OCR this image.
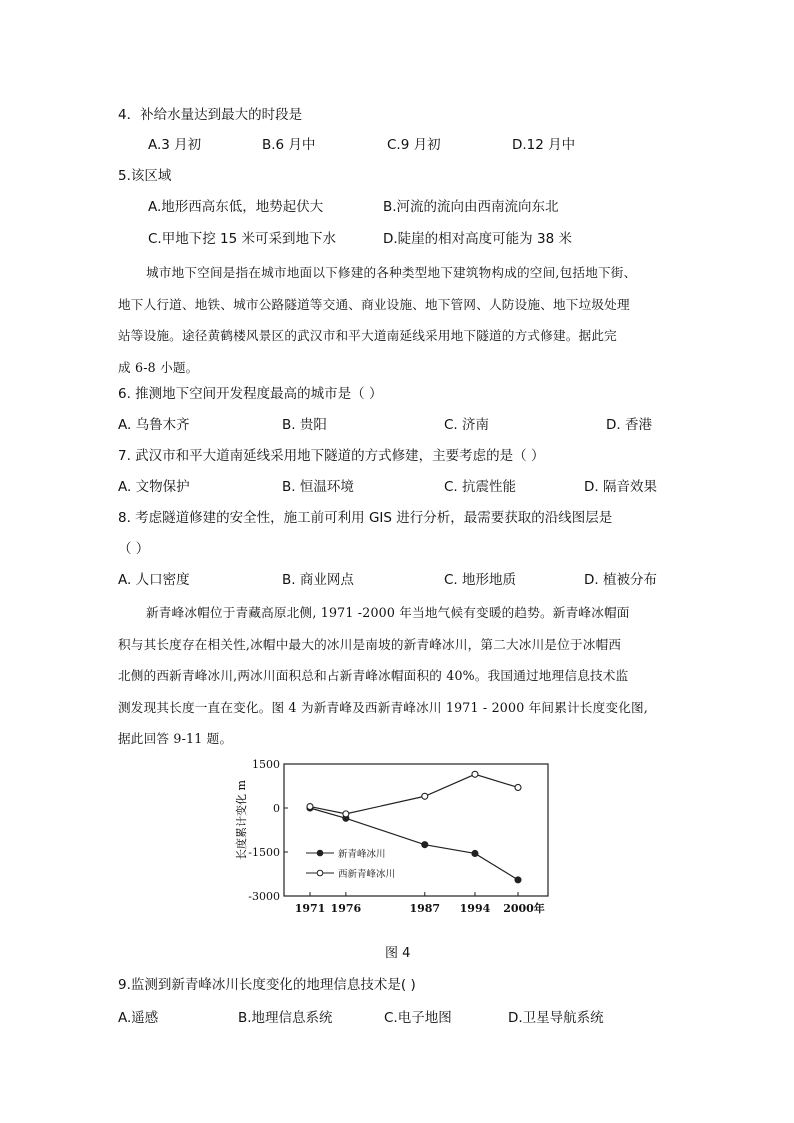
4．补给水量达到最大的时段是
A.3 月初	B.6 月中	C.9 月初	D.12 月中
5.该区域
A.地形西高东低，地势起伏大	B.河流的流向由西南流向东北
C.甲地下挖 15 米可采到地下水	D.陡崖的相对高度可能为 38 米
城市地下空间是指在城市地面以下修建的各种类型地下建筑物构成的空间,包括地下街、
地下人行道、地铁、城市公路隧道等交通、商业设施、地下管网、人防设施、地下垃圾处理
站等设施。途径黄鹤楼风景区的武汉市和平大道南延线采用地下隧道的方式修建。据此完
成 6-8 小题。
6. 推测地下空间开发程度最高的城市是（ ）
A. 乌鲁木齐	B. 贵阳	C. 济南	D. 香港
7. 武汉市和平大道南延线采用地下隧道的方式修建，主要考虑的是（ ）
A. 文物保护	B. 恒温环境	C. 抗震性能	D. 隔音效果
8. 考虑隧道修建的安全性，施工前可利用 GIS 进行分析，最需要获取的沿线图层是
（ ）
A. 人口密度	B. 商业网点	C. 地形地质	D. 植被分布
新青峰冰帽位于青藏高原北侧, 1971 -2000 年当地气候有变暖的趋势。新青峰冰帽面
积与其长度存在相关性,冰帽中最大的冰川是南坡的新青峰冰川，第二大冰川是位于冰帽西
北侧的西新青峰冰川,两冰川面积总和占新青峰冰帽面积的 40%。我国通过地理信息技术监
测发现其长度一直在变化。图 4 为新青峰及西新青峰冰川 1971 - 2000 年间累计长度变化图,
据此回答 9-11 题。
长度累计变化 m
1500
0
-1500
-3000
1971 1976	1987 1994 2000年
新青峰冰川
西新青峰冰川
图 4
9.监测到新青峰冰川长度变化的地理信息技术是( )
A.遥感	B.地理信息系统	C.电子地图	D.卫星导航系统
